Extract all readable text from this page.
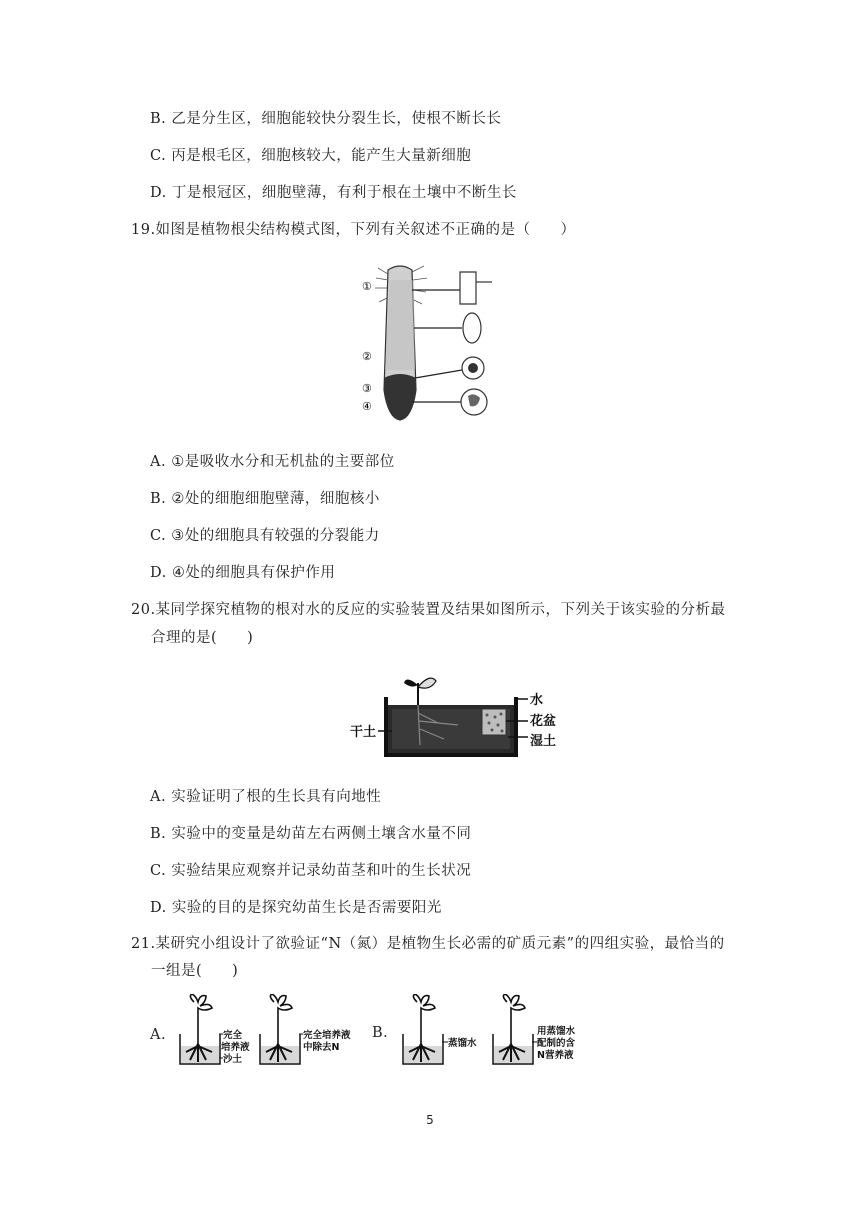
B. 乙是分生区，细胞能较快分裂生长，使根不断长长
C. 丙是根毛区，细胞核较大，能产生大量新细胞
D. 丁是根冠区，细胞壁薄，有利于根在土壤中不断生长
19.如图是植物根尖结构模式图，下列有关叙述不正确的是（　　）
①
②
③
④
A. ①是吸收水分和无机盐的主要部位
B. ②处的细胞细胞壁薄，细胞核小
C. ③处的细胞具有较强的分裂能力
D. ④处的细胞具有保护作用
20.某同学探究植物的根对水的反应的实验装置及结果如图所示，下列关于该实验的分析最
合理的是(　　)
水
花盆
湿土
干土
A. 实验证明了根的生长具有向地性
B. 实验中的变量是幼苗左右两侧土壤含水量不同
C. 实验结果应观察并记录幼苗茎和叶的生长状况
D. 实验的目的是探究幼苗生长是否需要阳光
21.某研究小组设计了欲验证“N（氮）是植物生长必需的矿质元素”的四组实验，最恰当的
一组是(　　)
A.	B.
完全
培养液
沙土
完全培养液
中除去N	蒸馏水
用蒸馏水
配制的含
N营养液
5
